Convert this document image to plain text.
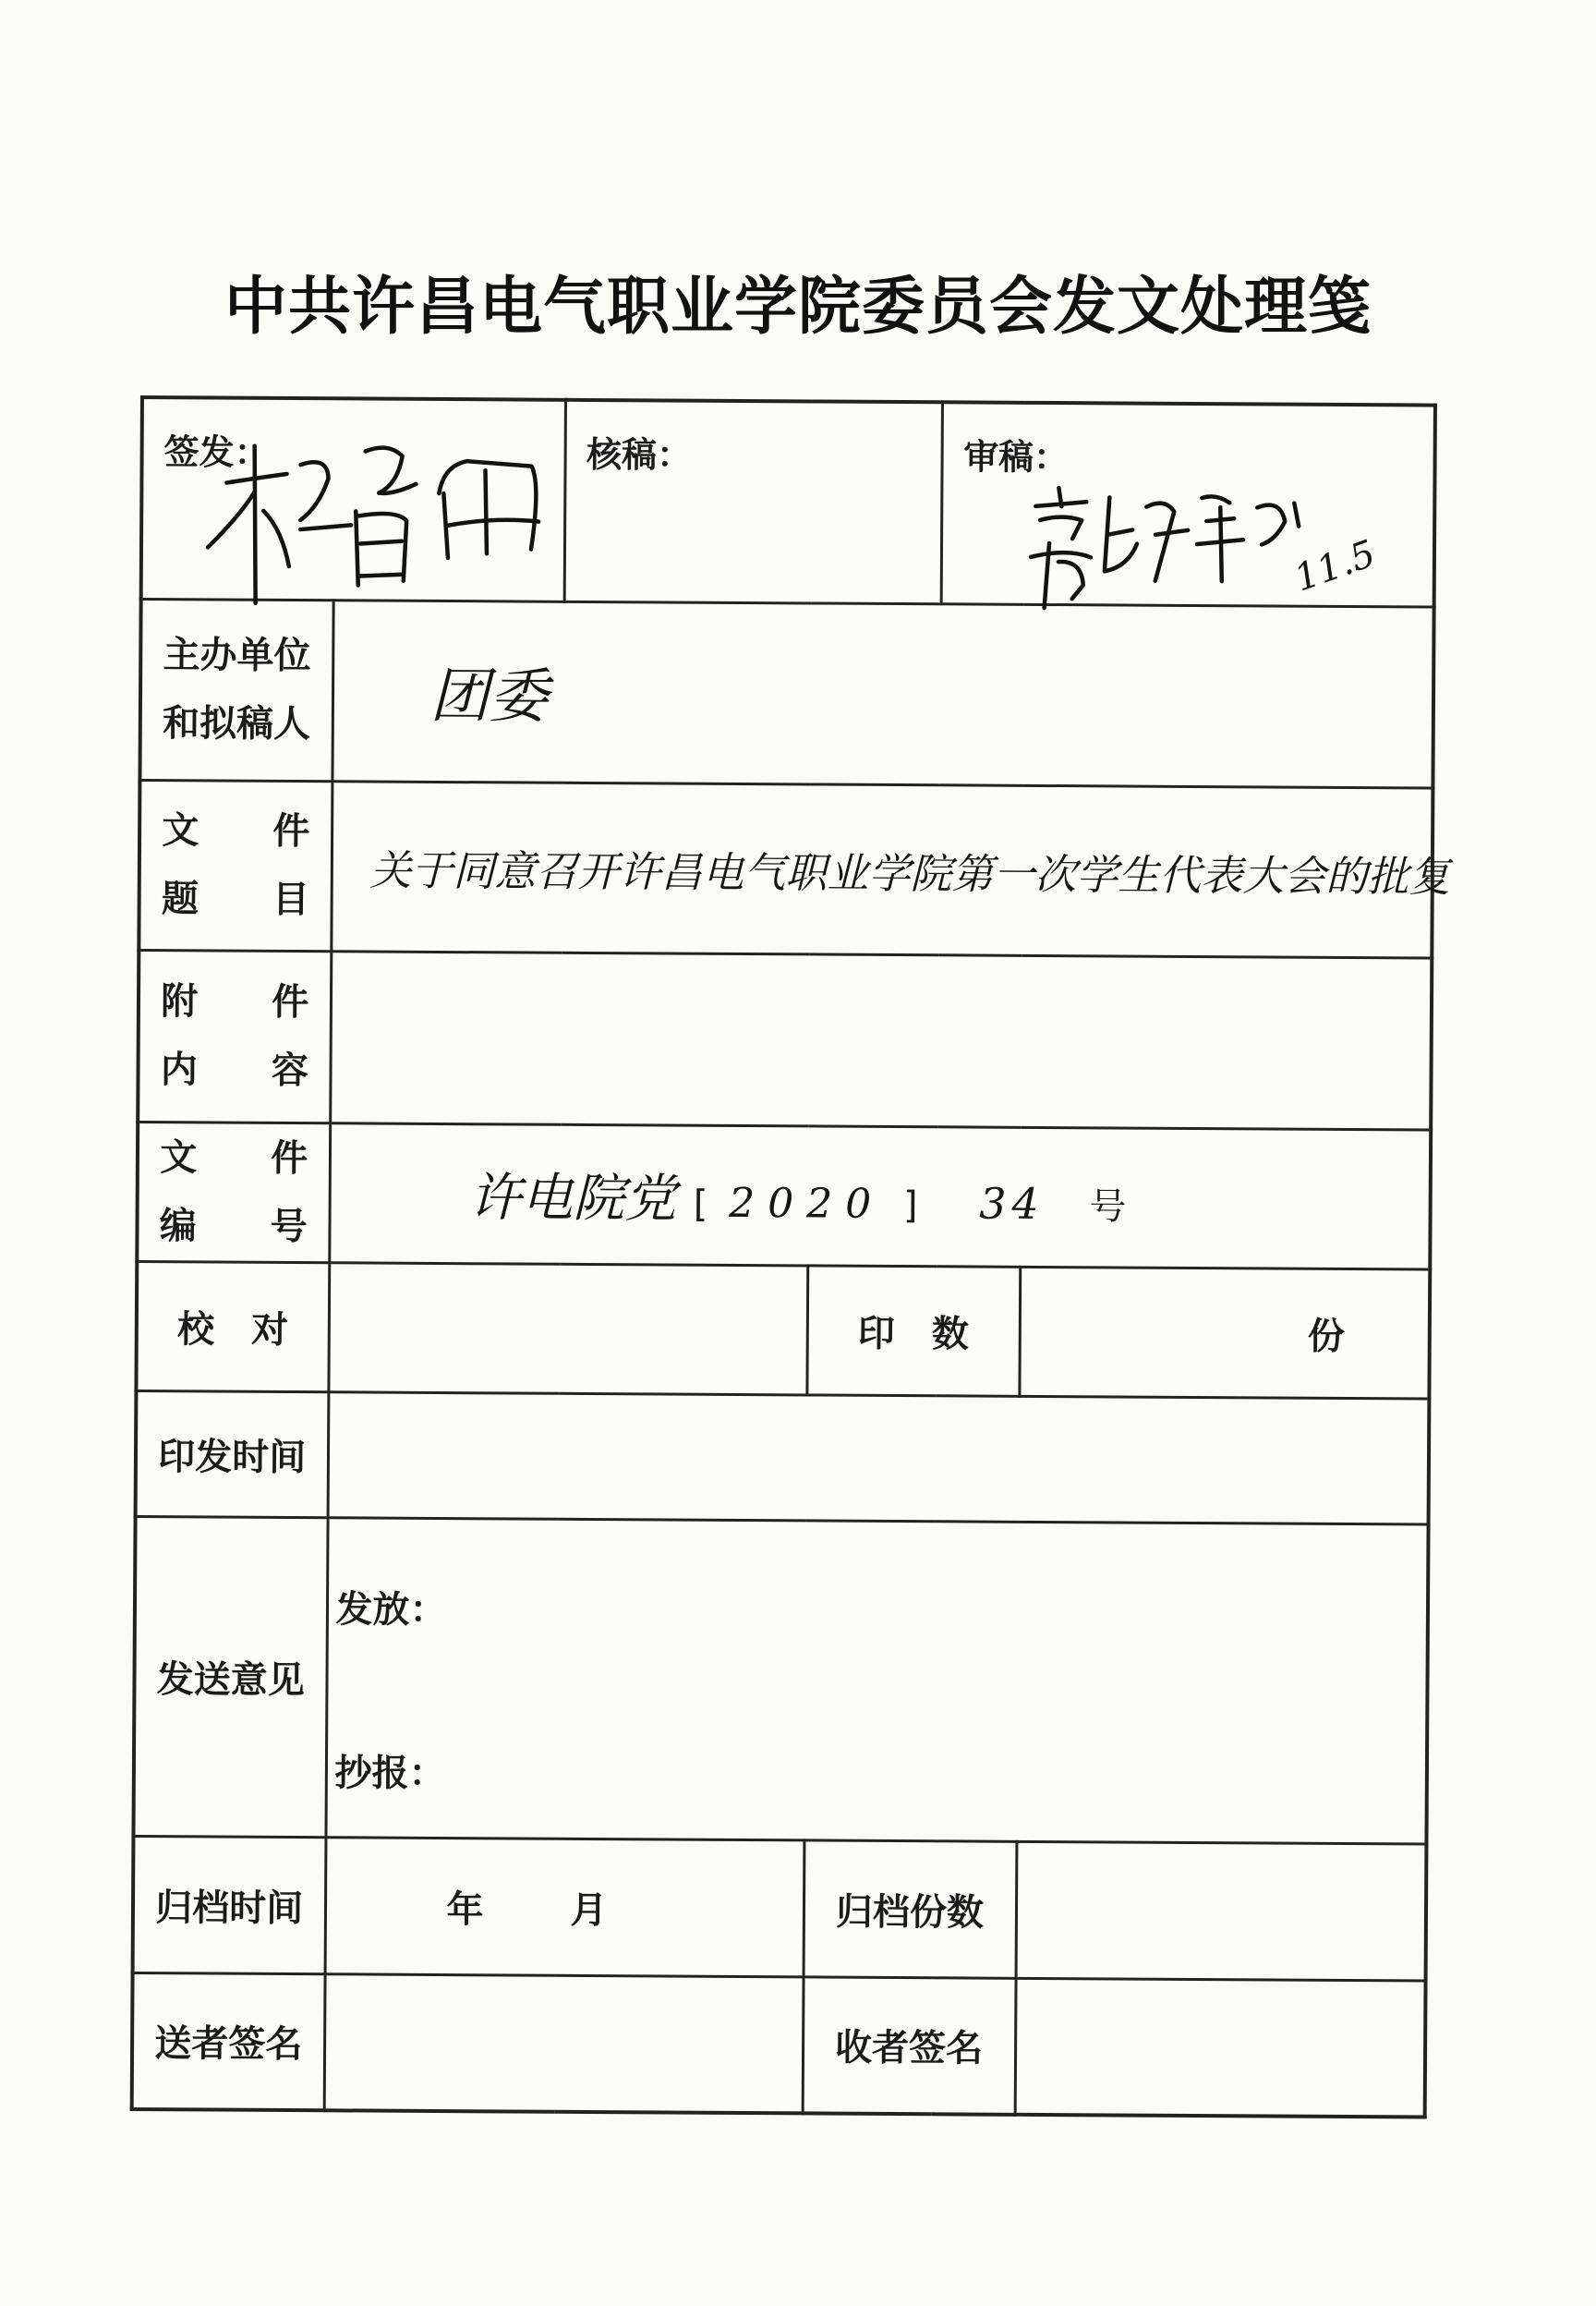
中共许昌电气职业学院委员会发文处理笺
签发：		核稿：		审稿：
11.5	

主办单位
和拟稿人	团委				

文　　件
题　　目	关于同意召开许昌电气职业学院第一次学生代表大会的批复				

附　　件
内　　容					

文　　件
编　　号	许电院党 [ 2020 ] 34 号				
校　对			印　数		份
印发时间					
发送意见	发放：
抄报：				

归档时间	年 月		归档份数		
送者签名			收者签名		
